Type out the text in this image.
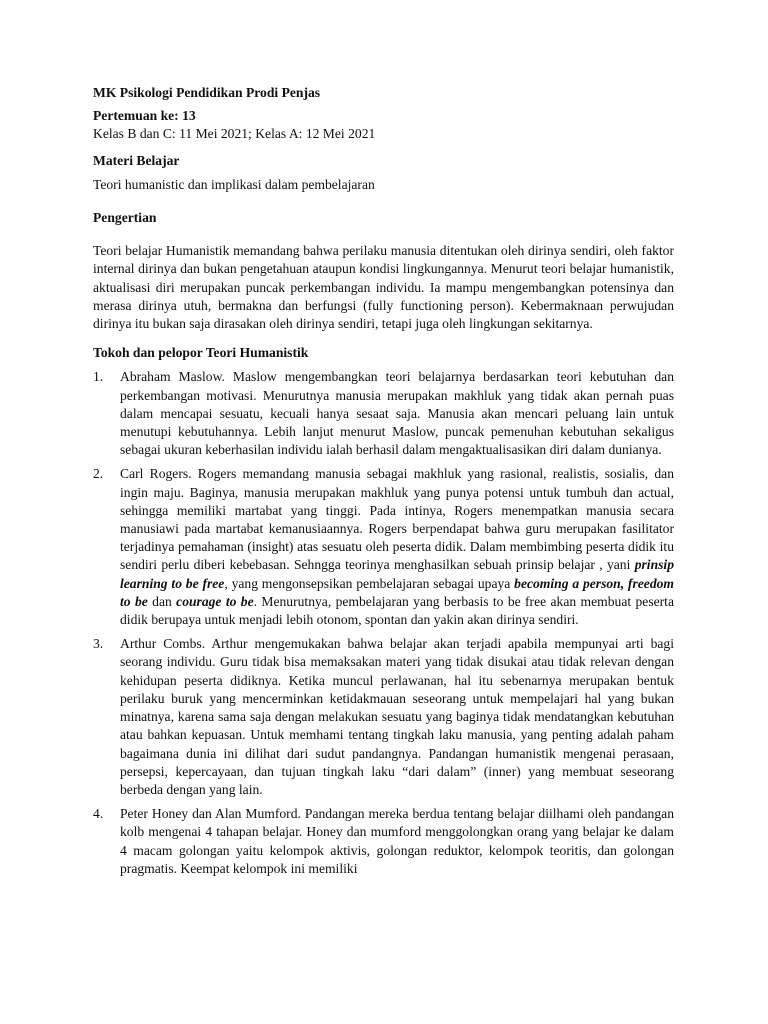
MK Psikologi Pendidikan Prodi Penjas
Pertemuan ke: 13
Kelas B dan C: 11 Mei 2021; Kelas A: 12 Mei 2021
Materi Belajar
Teori humanistic dan implikasi dalam pembelajaran
Pengertian
Teori belajar Humanistik memandang bahwa perilaku manusia ditentukan oleh dirinya sendiri, oleh faktor internal dirinya dan bukan pengetahuan ataupun kondisi lingkungannya. Menurut teori belajar humanistik, aktualisasi diri merupakan puncak perkembangan individu. Ia mampu mengembangkan potensinya dan merasa dirinya utuh, bermakna dan berfungsi (fully functioning person). Kebermaknaan perwujudan dirinya itu bukan saja dirasakan oleh dirinya sendiri, tetapi juga oleh lingkungan sekitarnya.
Tokoh dan pelopor Teori Humanistik
1. Abraham Maslow. Maslow mengembangkan teori belajarnya berdasarkan teori kebutuhan dan perkembangan motivasi. Menurutnya manusia merupakan makhluk yang tidak akan pernah puas dalam mencapai sesuatu, kecuali hanya sesaat saja. Manusia akan mencari peluang lain untuk menutupi kebutuhannya. Lebih lanjut menurut Maslow, puncak pemenuhan kebutuhan sekaligus sebagai ukuran keberhasilan individu ialah berhasil dalam mengaktualisasikan diri dalam dunianya.
2. Carl Rogers. Rogers memandang manusia sebagai makhluk yang rasional, realistis, sosialis, dan ingin maju. Baginya, manusia merupakan makhluk yang punya potensi untuk tumbuh dan actual, sehingga memiliki martabat yang tinggi. Pada intinya, Rogers menempatkan manusia secara manusiawi pada martabat kemanusiaannya. Rogers berpendapat bahwa guru merupakan fasilitator terjadinya pemahaman (insight) atas sesuatu oleh peserta didik. Dalam membimbing peserta didik itu sendiri perlu diberi kebebasan. Sehngga teorinya menghasilkan sebuah prinsip belajar , yani prinsip learning to be free, yang mengonsepsikan pembelajaran sebagai upaya becoming a person, freedom to be dan courage to be. Menurutnya, pembelajaran yang berbasis to be free akan membuat peserta didik berupaya untuk menjadi lebih otonom, spontan dan yakin akan dirinya sendiri.
3. Arthur Combs. Arthur mengemukakan bahwa belajar akan terjadi apabila mempunyai arti bagi seorang individu. Guru tidak bisa memaksakan materi yang tidak disukai atau tidak relevan dengan kehidupan peserta didiknya. Ketika muncul perlawanan, hal itu sebenarnya merupakan bentuk perilaku buruk yang mencerminkan ketidakmauan seseorang untuk mempelajari hal yang bukan minatnya, karena sama saja dengan melakukan sesuatu yang baginya tidak mendatangkan kebutuhan atau bahkan kepuasan. Untuk memhami tentang tingkah laku manusia, yang penting adalah paham bagaimana dunia ini dilihat dari sudut pandangnya. Pandangan humanistik mengenai perasaan, persepsi, kepercayaan, dan tujuan tingkah laku “dari dalam” (inner) yang membuat seseorang berbeda dengan yang lain.
4. Peter Honey dan Alan Mumford. Pandangan mereka berdua tentang belajar diilhami oleh pandangan kolb mengenai 4 tahapan belajar. Honey dan mumford menggolongkan orang yang belajar ke dalam 4 macam golongan yaitu kelompok aktivis, golongan reduktor, kelompok teoritis, dan golongan pragmatis. Keempat kelompok ini memiliki
